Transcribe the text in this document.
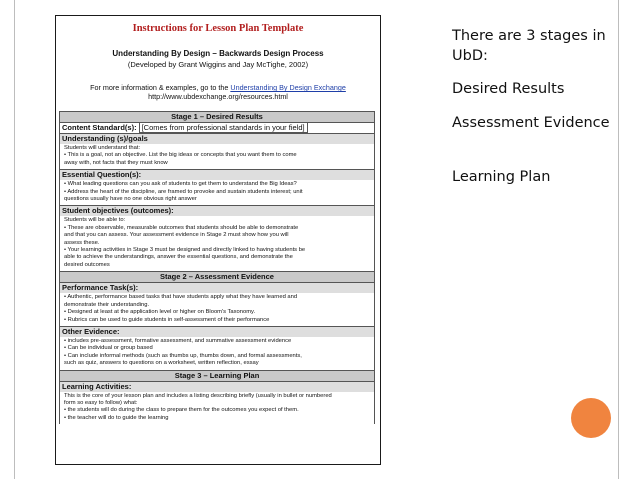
Instructions for Lesson Plan Template
Understanding By Design – Backwards Design Process
(Developed by Grant Wiggins and Jay McTighe, 2002)
For more information & examples, go to the Understanding By Design Exchange
http://www.ubdexchange.org/resources.html
Stage 1 – Desired Results
Content Standard(s): [Comes from professional standards in your field]
Understanding (s)/goals
Students will understand that:
• This is a goal, not an objective. List the big ideas or concepts that you want them to come
away with, not facts that they must know
Essential Question(s):
• What leading questions can you ask of students to get them to understand the Big Ideas?
• Address the heart of the discipline, are framed to provoke and sustain students interest; unit
questions usually have no one obvious right answer
Student objectives (outcomes):
Students will be able to:
• These are observable, measurable outcomes that students should be able to demonstrate
and that you can assess. Your assessment evidence in Stage 2 must show how you will
assess these.
• Your learning activities in Stage 3 must be designed and directly linked to having students be
able to achieve the understandings, answer the essential questions, and demonstrate the
desired outcomes
Stage 2 – Assessment Evidence
Performance Task(s):
• Authentic, performance based tasks that have students apply what they have learned and
demonstrate their understanding.
• Designed at least at the application level or higher on Bloom's Taxonomy.
• Rubrics can be used to guide students in self-assessment of their performance
Other Evidence:
• includes pre-assessment, formative assessment, and summative assessment evidence
• Can be individual or group based
• Can include informal methods (such as thumbs up, thumbs down, and formal assessments,
such as quiz, answers to questions on a worksheet, written reflection, essay
Stage 3 – Learning Plan
Learning Activities:
This is the core of your lesson plan and includes a listing describing briefly (usually in bullet or numbered
form so easy to follow) what:
• the students will do during the class to prepare them for the outcomes you expect of them.
• the teacher will do to guide the learning
There are 3 stages in UbD:
Desired Results
Assessment Evidence
Learning Plan
